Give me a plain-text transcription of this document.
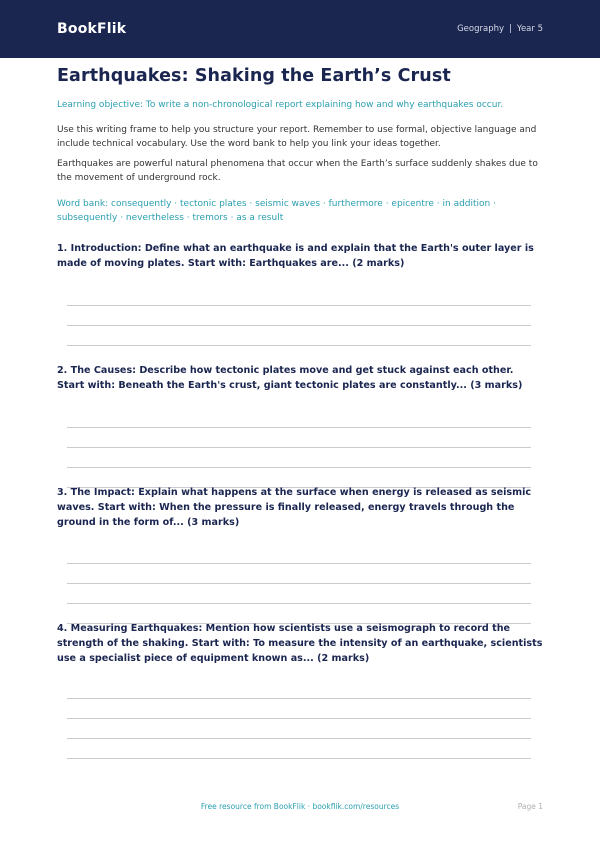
BookFlik	Geography | Year 5
Earthquakes: Shaking the Earth’s Crust

Learning objective: To write a non-chronological report explaining how and why earthquakes occur.

Use this writing frame to help you structure your report. Remember to use formal, objective language and include technical vocabulary. Use the word bank to help you link your ideas together.

Earthquakes are powerful natural phenomena that occur when the Earth’s surface suddenly shakes due to the movement of underground rock.

Word bank: consequently · tectonic plates · seismic waves · furthermore · epicentre · in addition · subsequently · nevertheless · tremors · as a result

1. Introduction: Define what an earthquake is and explain that the Earth's outer layer is made of moving plates. Start with: Earthquakes are... (2 marks)

2. The Causes: Describe how tectonic plates move and get stuck against each other. Start with: Beneath the Earth's crust, giant tectonic plates are constantly... (3 marks)

3. The Impact: Explain what happens at the surface when energy is released as seismic waves. Start with: When the pressure is finally released, energy travels through the ground in the form of... (3 marks)

4. Measuring Earthquakes: Mention how scientists use a seismograph to record the strength of the shaking. Start with: To measure the intensity of an earthquake, scientists use a specialist piece of equipment known as... (2 marks)

Free resource from BookFlik · bookflik.com/resources	Page 1
